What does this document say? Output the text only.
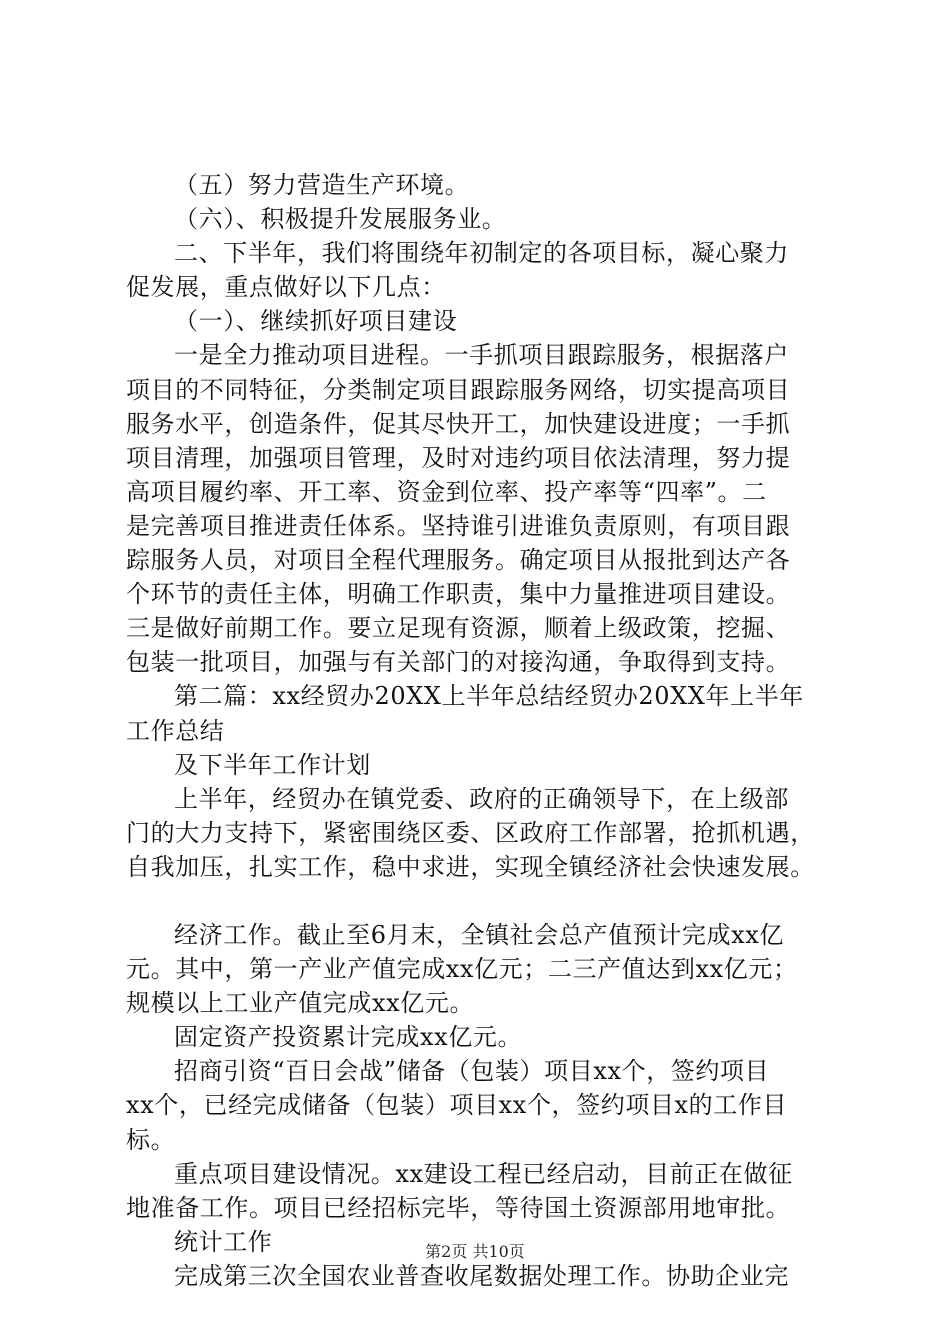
（五）努力营造生产环境。
（六）、积极提升发展服务业。
二、下半年，我们将围绕年初制定的各项目标，凝心聚力
促发展，重点做好以下几点：
（一）、继续抓好项目建设
一是全力推动项目进程。一手抓项目跟踪服务，根据落户
项目的不同特征，分类制定项目跟踪服务网络，切实提高项目
服务水平，创造条件，促其尽快开工，加快建设进度；一手抓
项目清理，加强项目管理，及时对违约项目依法清理，努力提
高项目履约率、开工率、资金到位率、投产率等“四率”。二
是完善项目推进责任体系。坚持谁引进谁负责原则，有项目跟
踪服务人员，对项目全程代理服务。确定项目从报批到达产各
个环节的责任主体，明确工作职责，集中力量推进项目建设。
三是做好前期工作。要立足现有资源，顺着上级政策，挖掘、
包装一批项目，加强与有关部门的对接沟通，争取得到支持。
第二篇：xx经贸办20XX上半年总结经贸办20XX年上半年
工作总结
及下半年工作计划
上半年，经贸办在镇党委、政府的正确领导下，在上级部
门的大力支持下，紧密围绕区委、区政府工作部署，抢抓机遇，
自我加压，扎实工作，稳中求进，实现全镇经济社会快速发展。
经济工作。截止至6月末，全镇社会总产值预计完成xx亿
元。其中，第一产业产值完成xx亿元；二三产值达到xx亿元；
规模以上工业产值完成xx亿元。
固定资产投资累计完成xx亿元。
招商引资“百日会战”储备（包装）项目xx个，签约项目
xx个，已经完成储备（包装）项目xx个，签约项目x的工作目
标。
重点项目建设情况。xx建设工程已经启动，目前正在做征
地准备工作。项目已经招标完毕，等待国土资源部用地审批。
统计工作
完成第三次全国农业普查收尾数据处理工作。协助企业完
第2页 共10页
